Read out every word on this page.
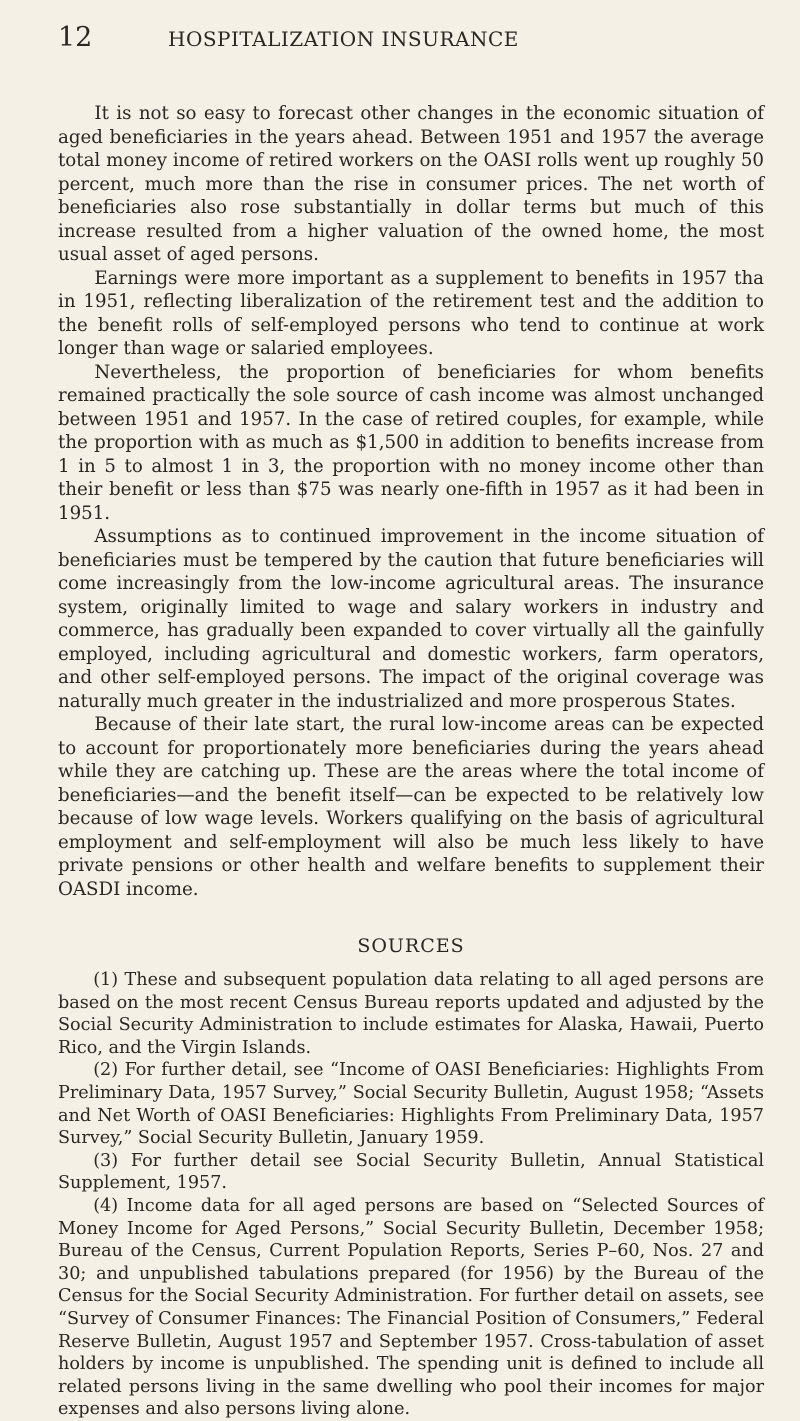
12	HOSPITALIZATION INSURANCE

It is not so easy to forecast other changes in the economic situation of aged beneficiaries in the years ahead. Between 1951 and 1957 the average total money income of retired workers on the OASI rolls went up roughly 50 percent, much more than the rise in consumer prices. The net worth of beneficiaries also rose substantially in dollar terms but much of this increase resulted from a higher valuation of the owned home, the most usual asset of aged persons.

Earnings were more important as a supplement to benefits in 1957 tha in 1951, reflecting liberalization of the retirement test and the addition to the benefit rolls of self-employed persons who tend to continue at work longer than wage or salaried employees.

Nevertheless, the proportion of beneficiaries for whom benefits remained practically the sole source of cash income was almost unchanged between 1951 and 1957. In the case of retired couples, for example, while the proportion with as much as $1,500 in addition to benefits increase from 1 in 5 to almost 1 in 3, the proportion with no money income other than their benefit or less than $75 was nearly one-fifth in 1957 as it had been in 1951.

Assumptions as to continued improvement in the income situation of beneficiaries must be tempered by the caution that future beneficiaries will come increasingly from the low-income agricultural areas. The insurance system, originally limited to wage and salary workers in industry and commerce, has gradually been expanded to cover virtually all the gainfully employed, including agricultural and domestic workers, farm operators, and other self-employed persons. The impact of the original coverage was naturally much greater in the industrialized and more prosperous States.

Because of their late start, the rural low-income areas can be expected to account for proportionately more beneficiaries during the years ahead while they are catching up. These are the areas where the total income of beneficiaries—and the benefit itself—can be expected to be relatively low because of low wage levels. Workers qualifying on the basis of agricultural employment and self-employment will also be much less likely to have private pensions or other health and welfare benefits to supplement their OASDI income.

SOURCES

(1) These and subsequent population data relating to all aged persons are based on the most recent Census Bureau reports updated and adjusted by the Social Security Administration to include estimates for Alaska, Hawaii, Puerto Rico, and the Virgin Islands.

(2) For further detail, see “Income of OASI Beneficiaries: Highlights From Preliminary Data, 1957 Survey,” Social Security Bulletin, August 1958; “Assets and Net Worth of OASI Beneficiaries: Highlights From Preliminary Data, 1957 Survey,” Social Security Bulletin, January 1959.

(3) For further detail see Social Security Bulletin, Annual Statistical Supplement, 1957.

(4) Income data for all aged persons are based on “Selected Sources of Money Income for Aged Persons,” Social Security Bulletin, December 1958; Bureau of the Census, Current Population Reports, Series P–60, Nos. 27 and 30; and unpublished tabulations prepared (for 1956) by the Bureau of the Census for the Social Security Administration. For further detail on assets, see “Survey of Consumer Finances: The Financial Position of Consumers,” Federal Reserve Bulletin, August 1957 and September 1957. Cross-tabulation of asset holders by income is unpublished. The spending unit is defined to include all related persons living in the same dwelling who pool their incomes for major expenses and also persons living alone.
